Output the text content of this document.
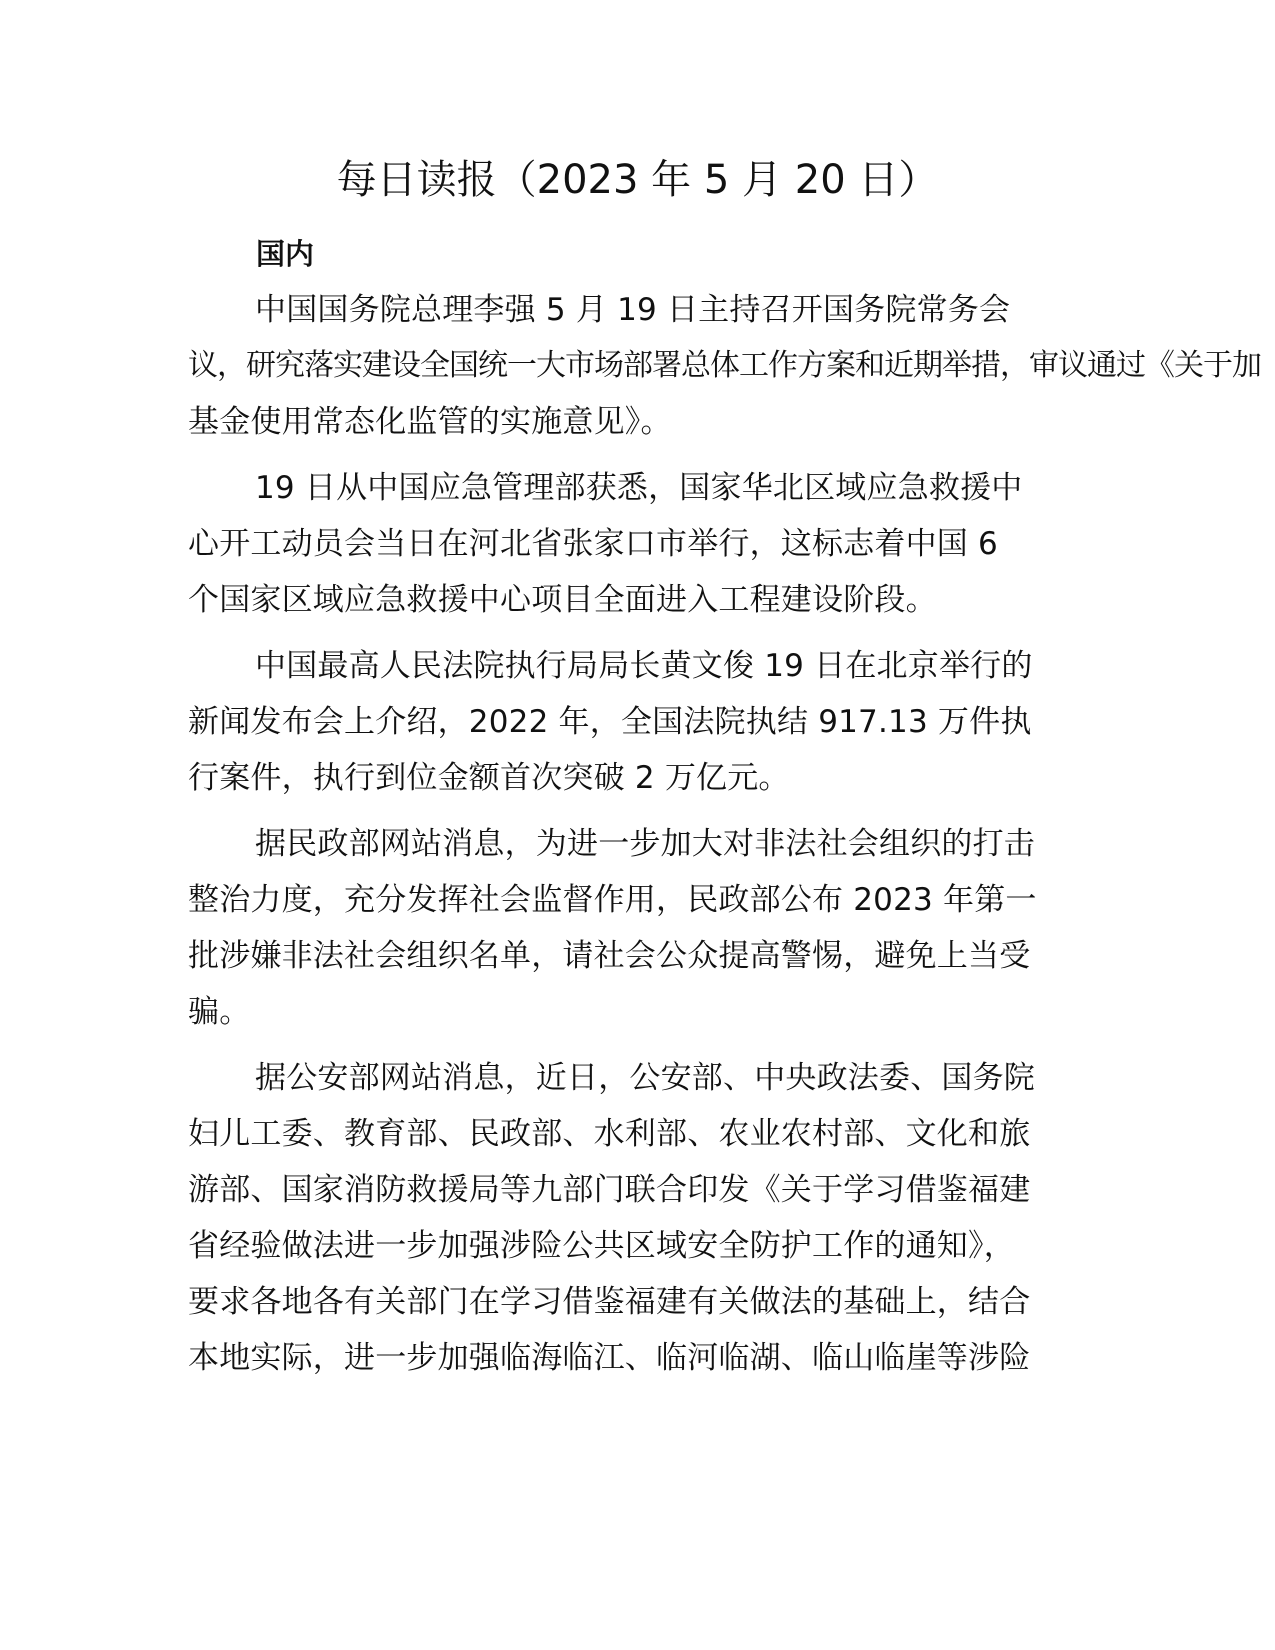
每日读报（2023 年 5 月 20 日）
国内
中国国务院总理李强 5 月 19 日主持召开国务院常务会
议，研究落实建设全国统一大市场部署总体工作方案和近期举措，审议通过《关于加
基金使用常态化监管的实施意见》。
19 日从中国应急管理部获悉，国家华北区域应急救援中
心开工动员会当日在河北省张家口市举行，这标志着中国 6
个国家区域应急救援中心项目全面进入工程建设阶段。
中国最高人民法院执行局局长黄文俊 19 日在北京举行的
新闻发布会上介绍，2022 年，全国法院执结 917.13 万件执
行案件，执行到位金额首次突破 2 万亿元。
据民政部网站消息，为进一步加大对非法社会组织的打击
整治力度，充分发挥社会监督作用，民政部公布 2023 年第一
批涉嫌非法社会组织名单，请社会公众提高警惕，避免上当受
骗。
据公安部网站消息，近日，公安部、中央政法委、国务院
妇儿工委、教育部、民政部、水利部、农业农村部、文化和旅
游部、国家消防救援局等九部门联合印发《关于学习借鉴福建
省经验做法进一步加强涉险公共区域安全防护工作的通知》，
要求各地各有关部门在学习借鉴福建有关做法的基础上，结合
本地实际，进一步加强临海临江、临河临湖、临山临崖等涉险
